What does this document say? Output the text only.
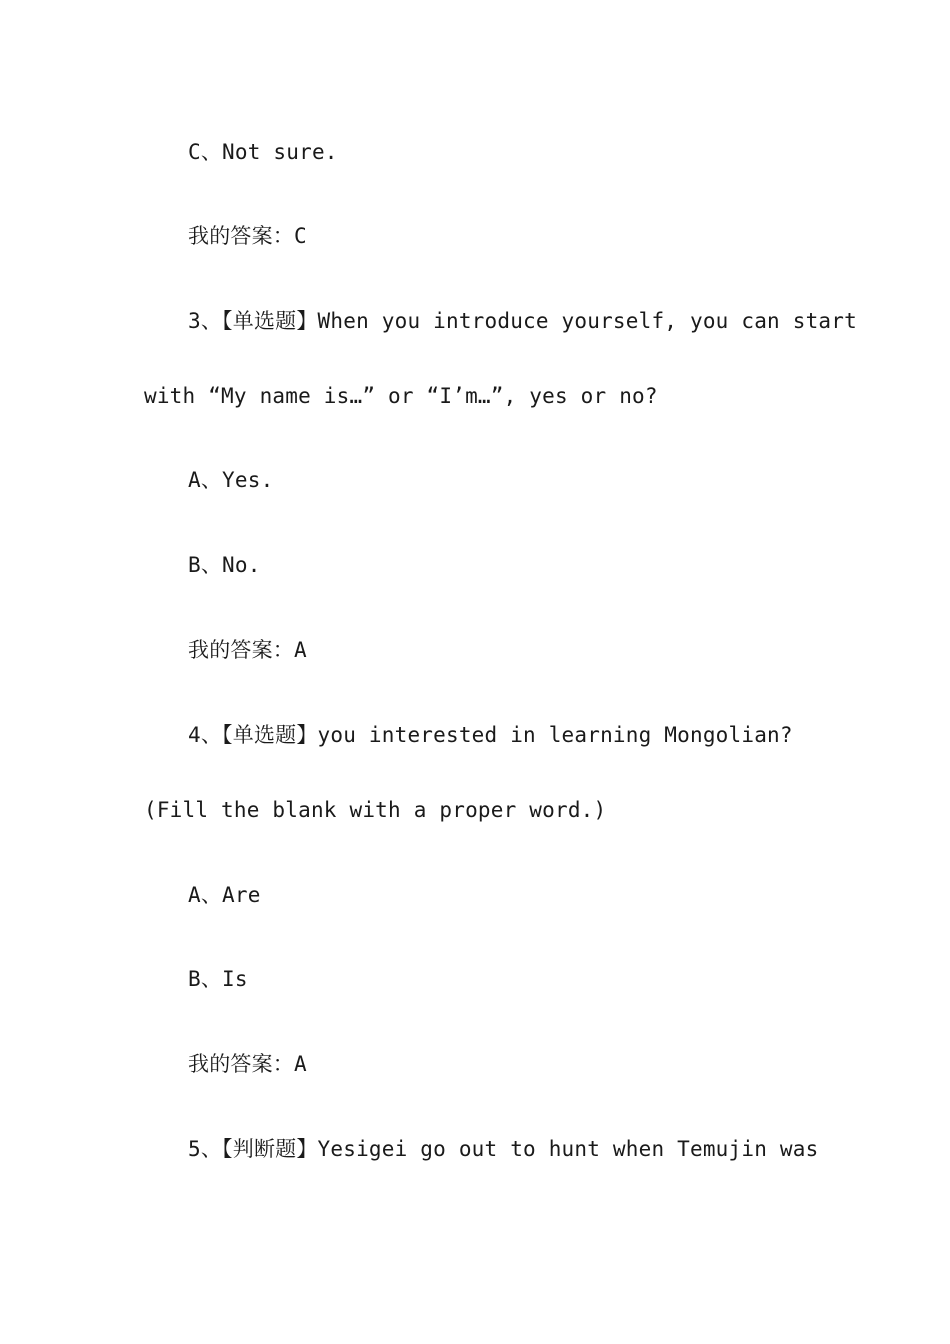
C、Not sure.
我的答案：C
3、【单选题】When you introduce yourself, you can start
with “My name is…” or “I’m…”, yes or no?
A、Yes.
B、No.
我的答案：A
4、【单选题】you interested in learning Mongolian?
(Fill the blank with a proper word.)
A、Are
B、Is
我的答案：A
5、【判断题】Yesigei go out to hunt when Temujin was
